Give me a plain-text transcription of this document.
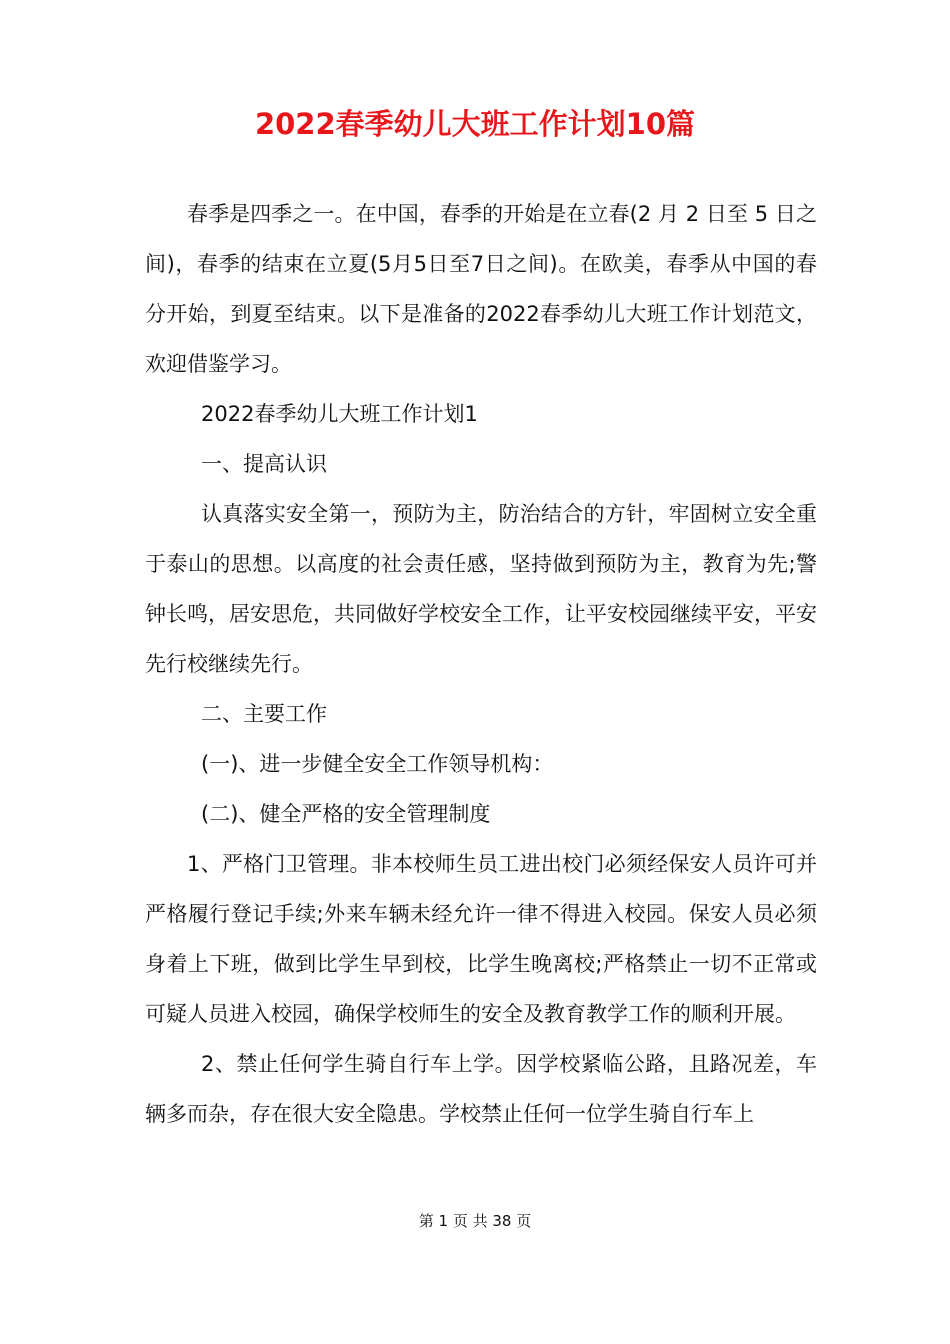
2022春季幼儿大班工作计划10篇

春季是四季之一。在中国，春季的开始是在立春(2 月 2 日至 5 日之间)，春季的结束在立夏(5月5日至7日之间)。在欧美，春季从中国的春分开始，到夏至结束。以下是准备的2022春季幼儿大班工作计划范文，欢迎借鉴学习。

2022春季幼儿大班工作计划1

一、提高认识

认真落实安全第一，预防为主，防治结合的方针，牢固树立安全重于泰山的思想。以高度的社会责任感，坚持做到预防为主，教育为先;警钟长鸣，居安思危，共同做好学校安全工作，让平安校园继续平安，平安先行校继续先行。

二、主要工作

(一)、进一步健全安全工作领导机构：

(二)、健全严格的安全管理制度

1、严格门卫管理。非本校师生员工进出校门必须经保安人员许可并严格履行登记手续;外来车辆未经允许一律不得进入校园。保安人员必须身着上下班，做到比学生早到校，比学生晚离校;严格禁止一切不正常或可疑人员进入校园，确保学校师生的安全及教育教学工作的顺利开展。

2、禁止任何学生骑自行车上学。因学校紧临公路，且路况差，车辆多而杂，存在很大安全隐患。学校禁止任何一位学生骑自行车上

第 1 页 共 38 页
